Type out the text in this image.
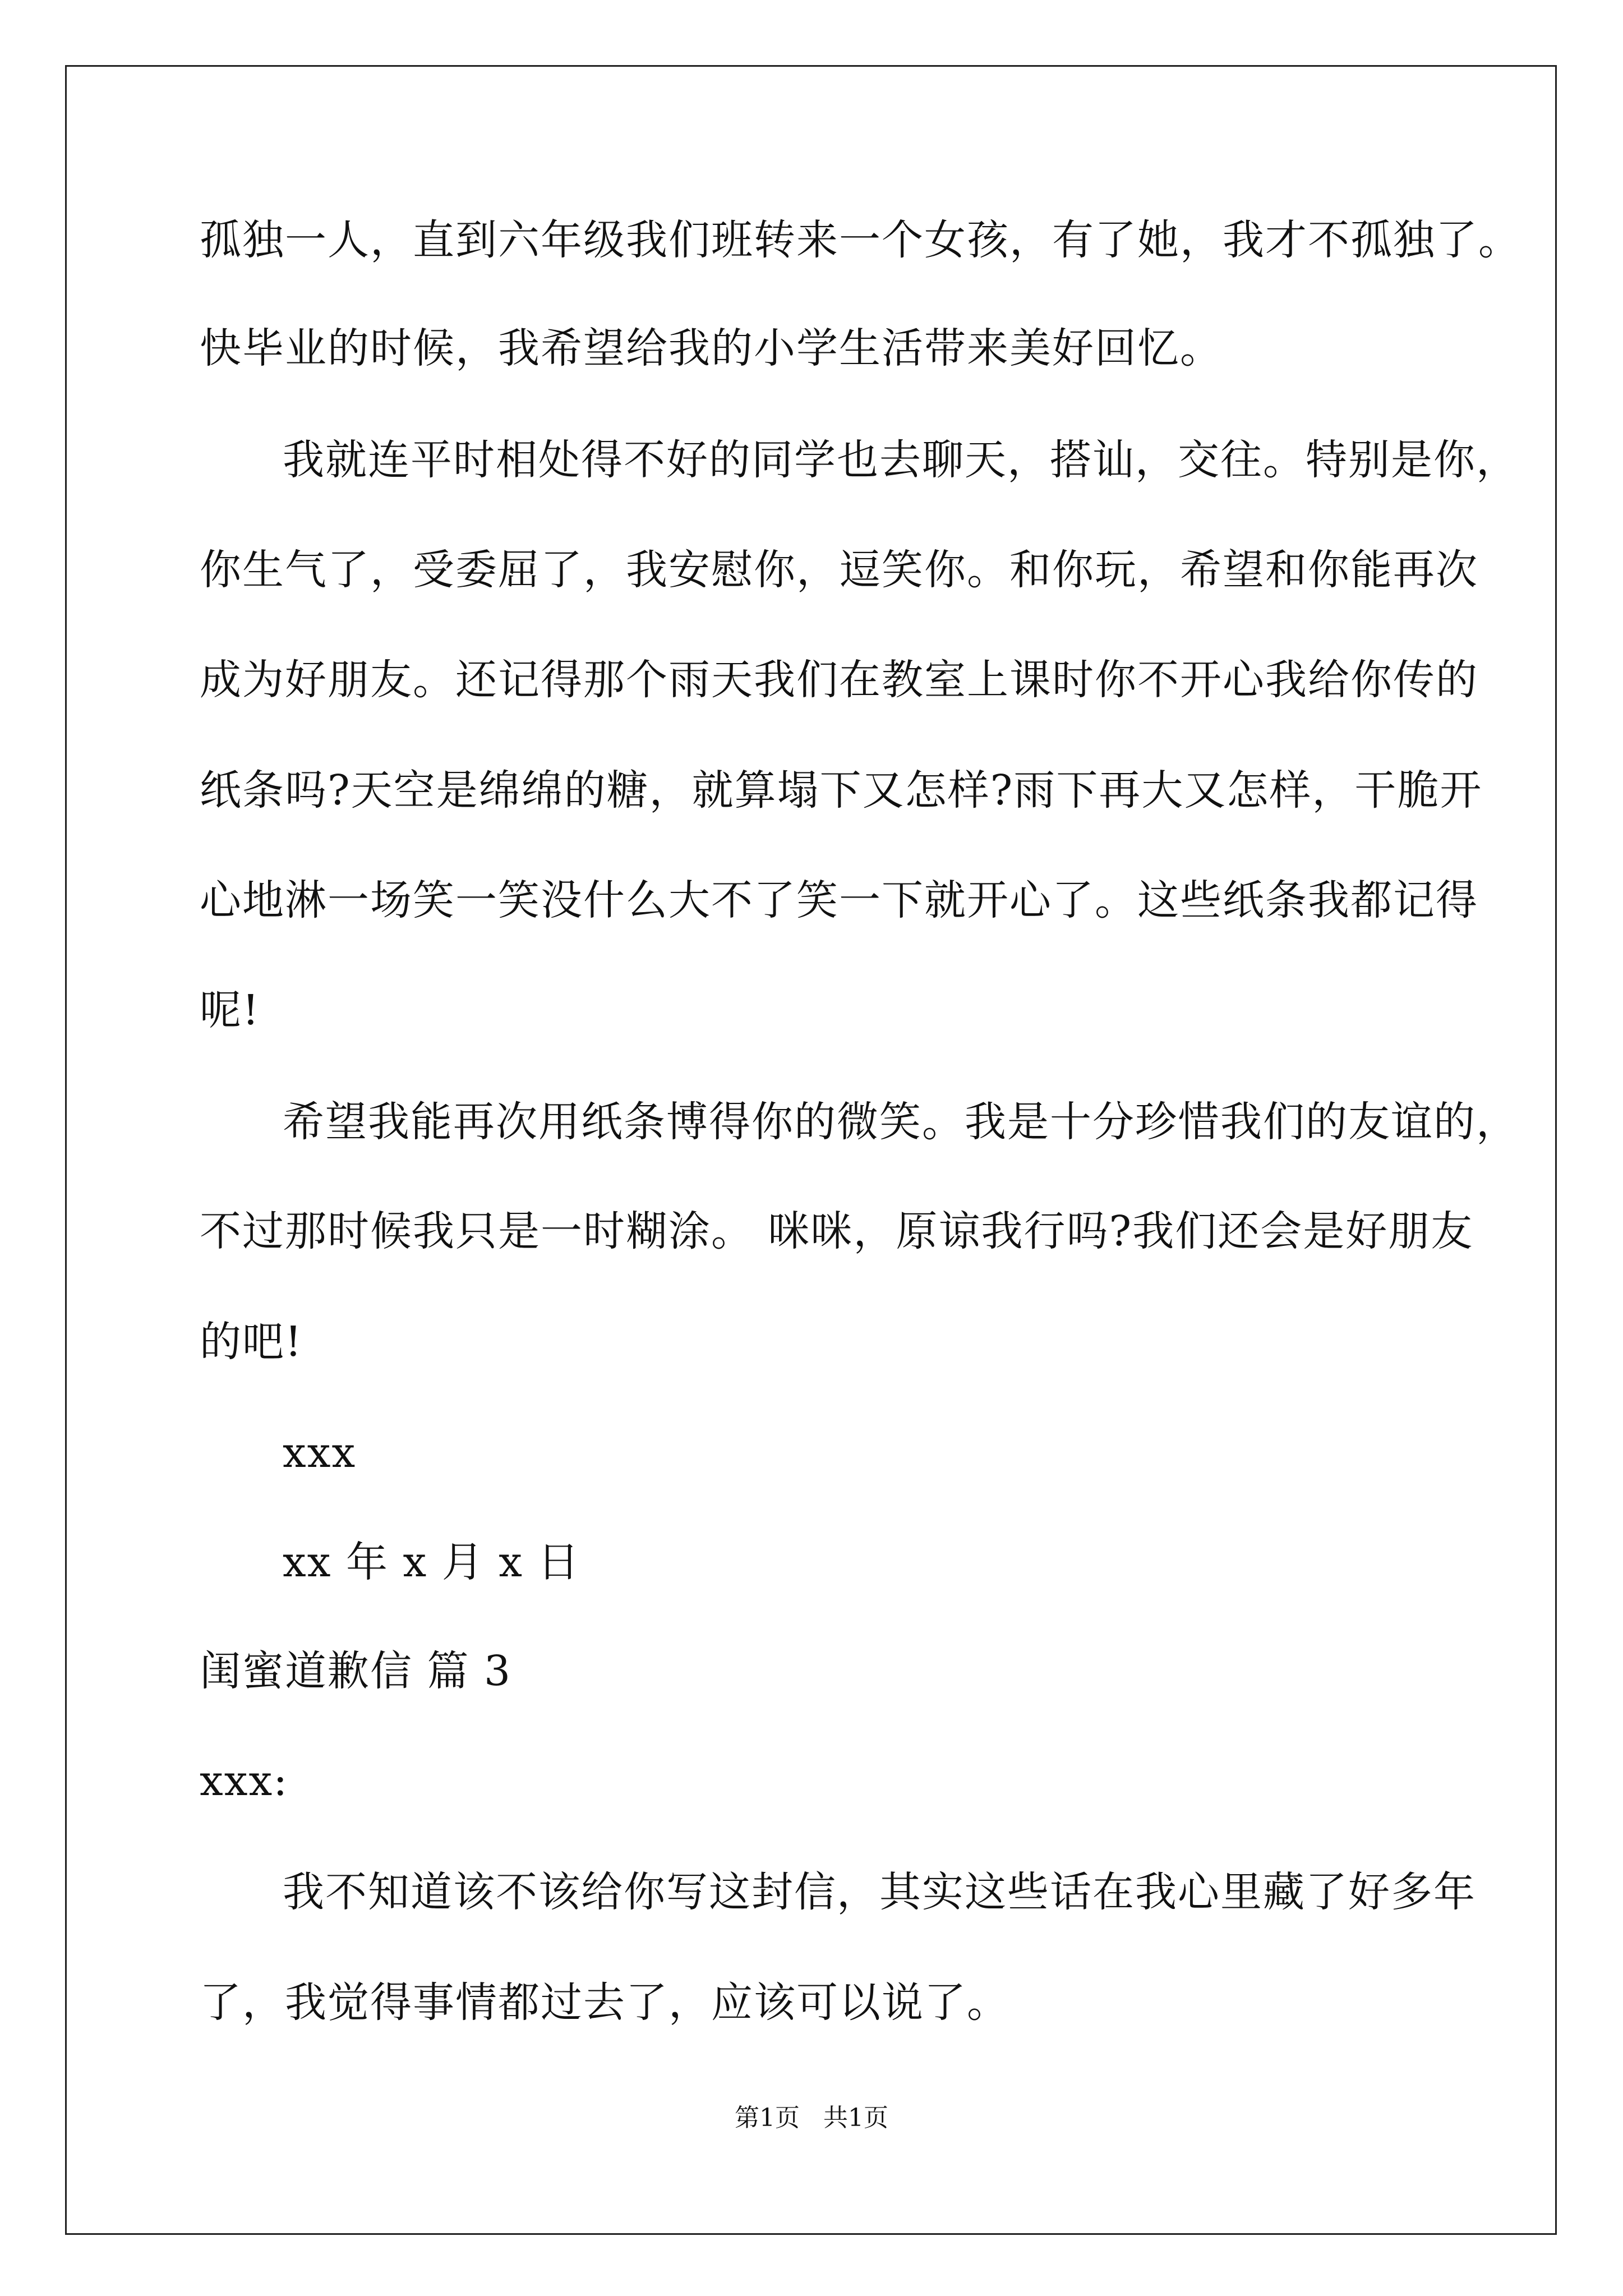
孤独一人，直到六年级我们班转来一个女孩，有了她，我才不孤独了。
快毕业的时候，我希望给我的小学生活带来美好回忆。
我就连平时相处得不好的同学也去聊天，搭讪，交往。特别是你，
你生气了，受委屈了，我安慰你，逗笑你。和你玩，希望和你能再次
成为好朋友。还记得那个雨天我们在教室上课时你不开心我给你传的
纸条吗?天空是绵绵的糖，就算塌下又怎样?雨下再大又怎样，干脆开
心地淋一场笑一笑没什么大不了笑一下就开心了。这些纸条我都记得
呢!
希望我能再次用纸条博得你的微笑。我是十分珍惜我们的友谊的，
不过那时候我只是一时糊涂。 咪咪，原谅我行吗?我们还会是好朋友
的吧!
xxx
xx 年 x 月 x 日
闺蜜道歉信 篇 3
xxx:
我不知道该不该给你写这封信，其实这些话在我心里藏了好多年
了，我觉得事情都过去了，应该可以说了。
第1页   共1页
